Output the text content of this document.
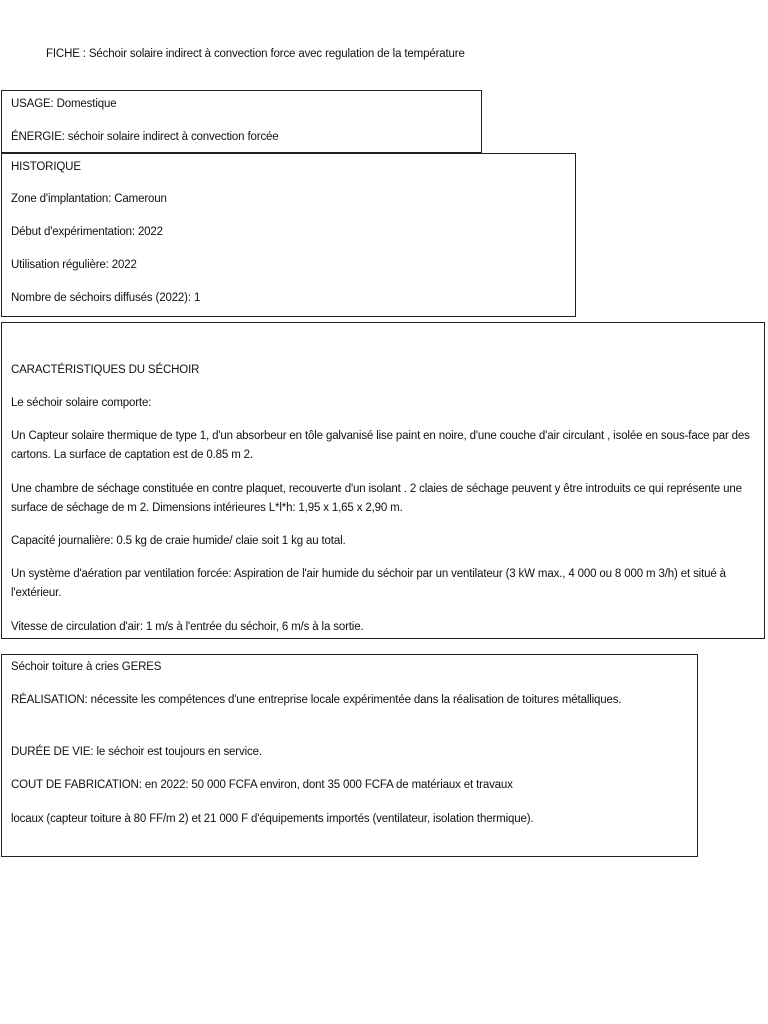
FICHE : Séchoir solaire indirect à convection force avec regulation de la température
USAGE: Domestique
ÉNERGIE: séchoir solaire indirect à convection forcée
HISTORIQUE
Zone d'implantation: Cameroun
Début d'expérimentation: 2022
Utilisation régulière: 2022
Nombre de séchoirs diffusés (2022): 1
CARACTÉRISTIQUES DU SÉCHOIR
Le séchoir solaire comporte:
Un Capteur solaire thermique de type 1, d'un absorbeur en tôle galvanisé lise paint en noire, d'une couche d'air circulant , isolée en sous-face par des cartons. La surface de captation est de 0.85 m 2.
Une chambre de séchage constituée en contre plaquet, recouverte d'un isolant . 2 claies de séchage peuvent y être introduits ce qui représente une surface de séchage de m 2. Dimensions intérieures L*l*h: 1,95 x 1,65 x 2,90 m.
Capacité journalière: 0.5 kg de craie humide/ claie soit 1 kg au total.
Un système d'aération par ventilation forcée: Aspiration de l'air humide du séchoir par un ventilateur (3 kW max., 4 000 ou 8 000 m 3/h) et situé à l'extérieur.
Vitesse de circulation d'air: 1 m/s à l'entrée du séchoir, 6 m/s à la sortie.
Séchoir toiture à cries GERES
RÉALISATION: nécessite les compétences d'une entreprise locale expérimentée dans la réalisation de toitures métalliques.
DURÉE DE VIE: le séchoir est toujours en service.
COUT DE FABRICATION: en 2022: 50 000 FCFA environ, dont 35 000 FCFA de matériaux et travaux
locaux (capteur toiture à 80 FF/m 2) et 21 000 F d'équipements importés (ventilateur, isolation thermique).
